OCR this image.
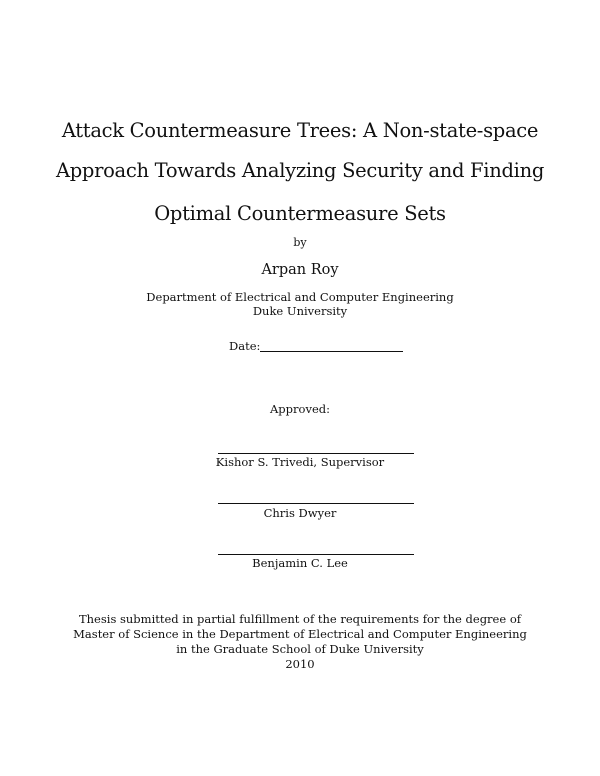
Attack Countermeasure Trees: A Non-state-space
Approach Towards Analyzing Security and Finding
Optimal Countermeasure Sets
by
Arpan Roy
Department of Electrical and Computer Engineering
Duke University
Date:
Approved:
Kishor S. Trivedi, Supervisor
Chris Dwyer
Benjamin C. Lee
Thesis submitted in partial fulfillment of the requirements for the degree of
Master of Science in the Department of Electrical and Computer Engineering
in the Graduate School of Duke University
2010
